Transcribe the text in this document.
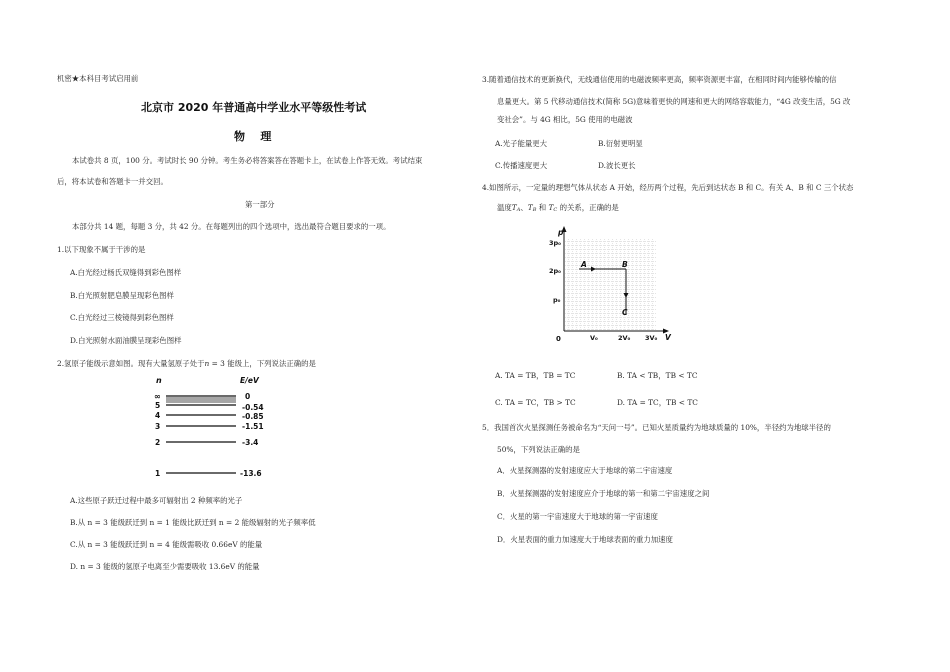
机密★本科目考试启用前
北京市 2020 年普通高中学业水平等级性考试
物    理
本试卷共 8 页，100 分。考试时长 90 分钟。考生务必将答案答在答题卡上，在试卷上作答无效。考试结束
后，将本试卷和答题卡一并交回。
第一部分
本部分共 14 题，每题 3 分，共 42 分。在每题列出的四个选项中，选出最符合题目要求的一项。
1.以下现象不属于干涉的是
A.白光经过杨氏双缝得到彩色图样
B.白光照射肥皂膜呈现彩色图样
C.白光经过三棱镜得到彩色图样
D.白光照射水面油膜呈现彩色图样
2.氢原子能级示意如图。现有大量氢原子处于n = 3 能级上，下列说法正确的是
n	E/eV
∞
5
4
3
2
1
0
-0.54
-0.85
-1.51
-3.4
-13.6
A.这些原子跃迁过程中最多可辐射出 2 种频率的光子
B.从 n = 3 能级跃迁到 n = 1 能级比跃迁到 n = 2 能级辐射的光子频率低
C.从 n = 3 能级跃迁到 n = 4 能级需吸收 0.66eV 的能量
D. n = 3 能级的氢原子电离至少需要吸收 13.6eV 的能量
3.随着通信技术的更新换代，无线通信使用的电磁波频率更高，频率资源更丰富，在相同时间内能够传输的信
息量更大。第 5 代移动通信技术(简称 5G)意味着更快的网速和更大的网络容载能力，“4G 改变生活，5G 改
变社会”。与 4G 相比，5G 使用的电磁波
A.光子能量更大	B.衍射更明显
C.传播速度更大	D.波长更长
4.如图所示，一定量的理想气体从状态 A 开始，经历两个过程，先后到达状态 B 和 C。有关 A、B 和 C 三个状态
温度$T_A$、$T_B$ 和 $T_C$ 的关系，正确的是
p
V
0
3p₀
2p₀
p₀
V₀	2V₀ 3V₀
A	B
C
A. TA = TB，TB = TC	B. TA < TB，TB < TC
C. TA = TC，TB > TC	D. TA = TC，TB < TC
5．我国首次火星探测任务被命名为“天问一号”。已知火星质量约为地球质量的 10%，半径约为地球半径的
50%，下列说法正确的是
A．火星探测器的发射速度应大于地球的第二宇宙速度
B．火星探测器的发射速度应介于地球的第一和第二宇宙速度之间
C．火星的第一宇宙速度大于地球的第一宇宙速度
D．火星表面的重力加速度大于地球表面的重力加速度
